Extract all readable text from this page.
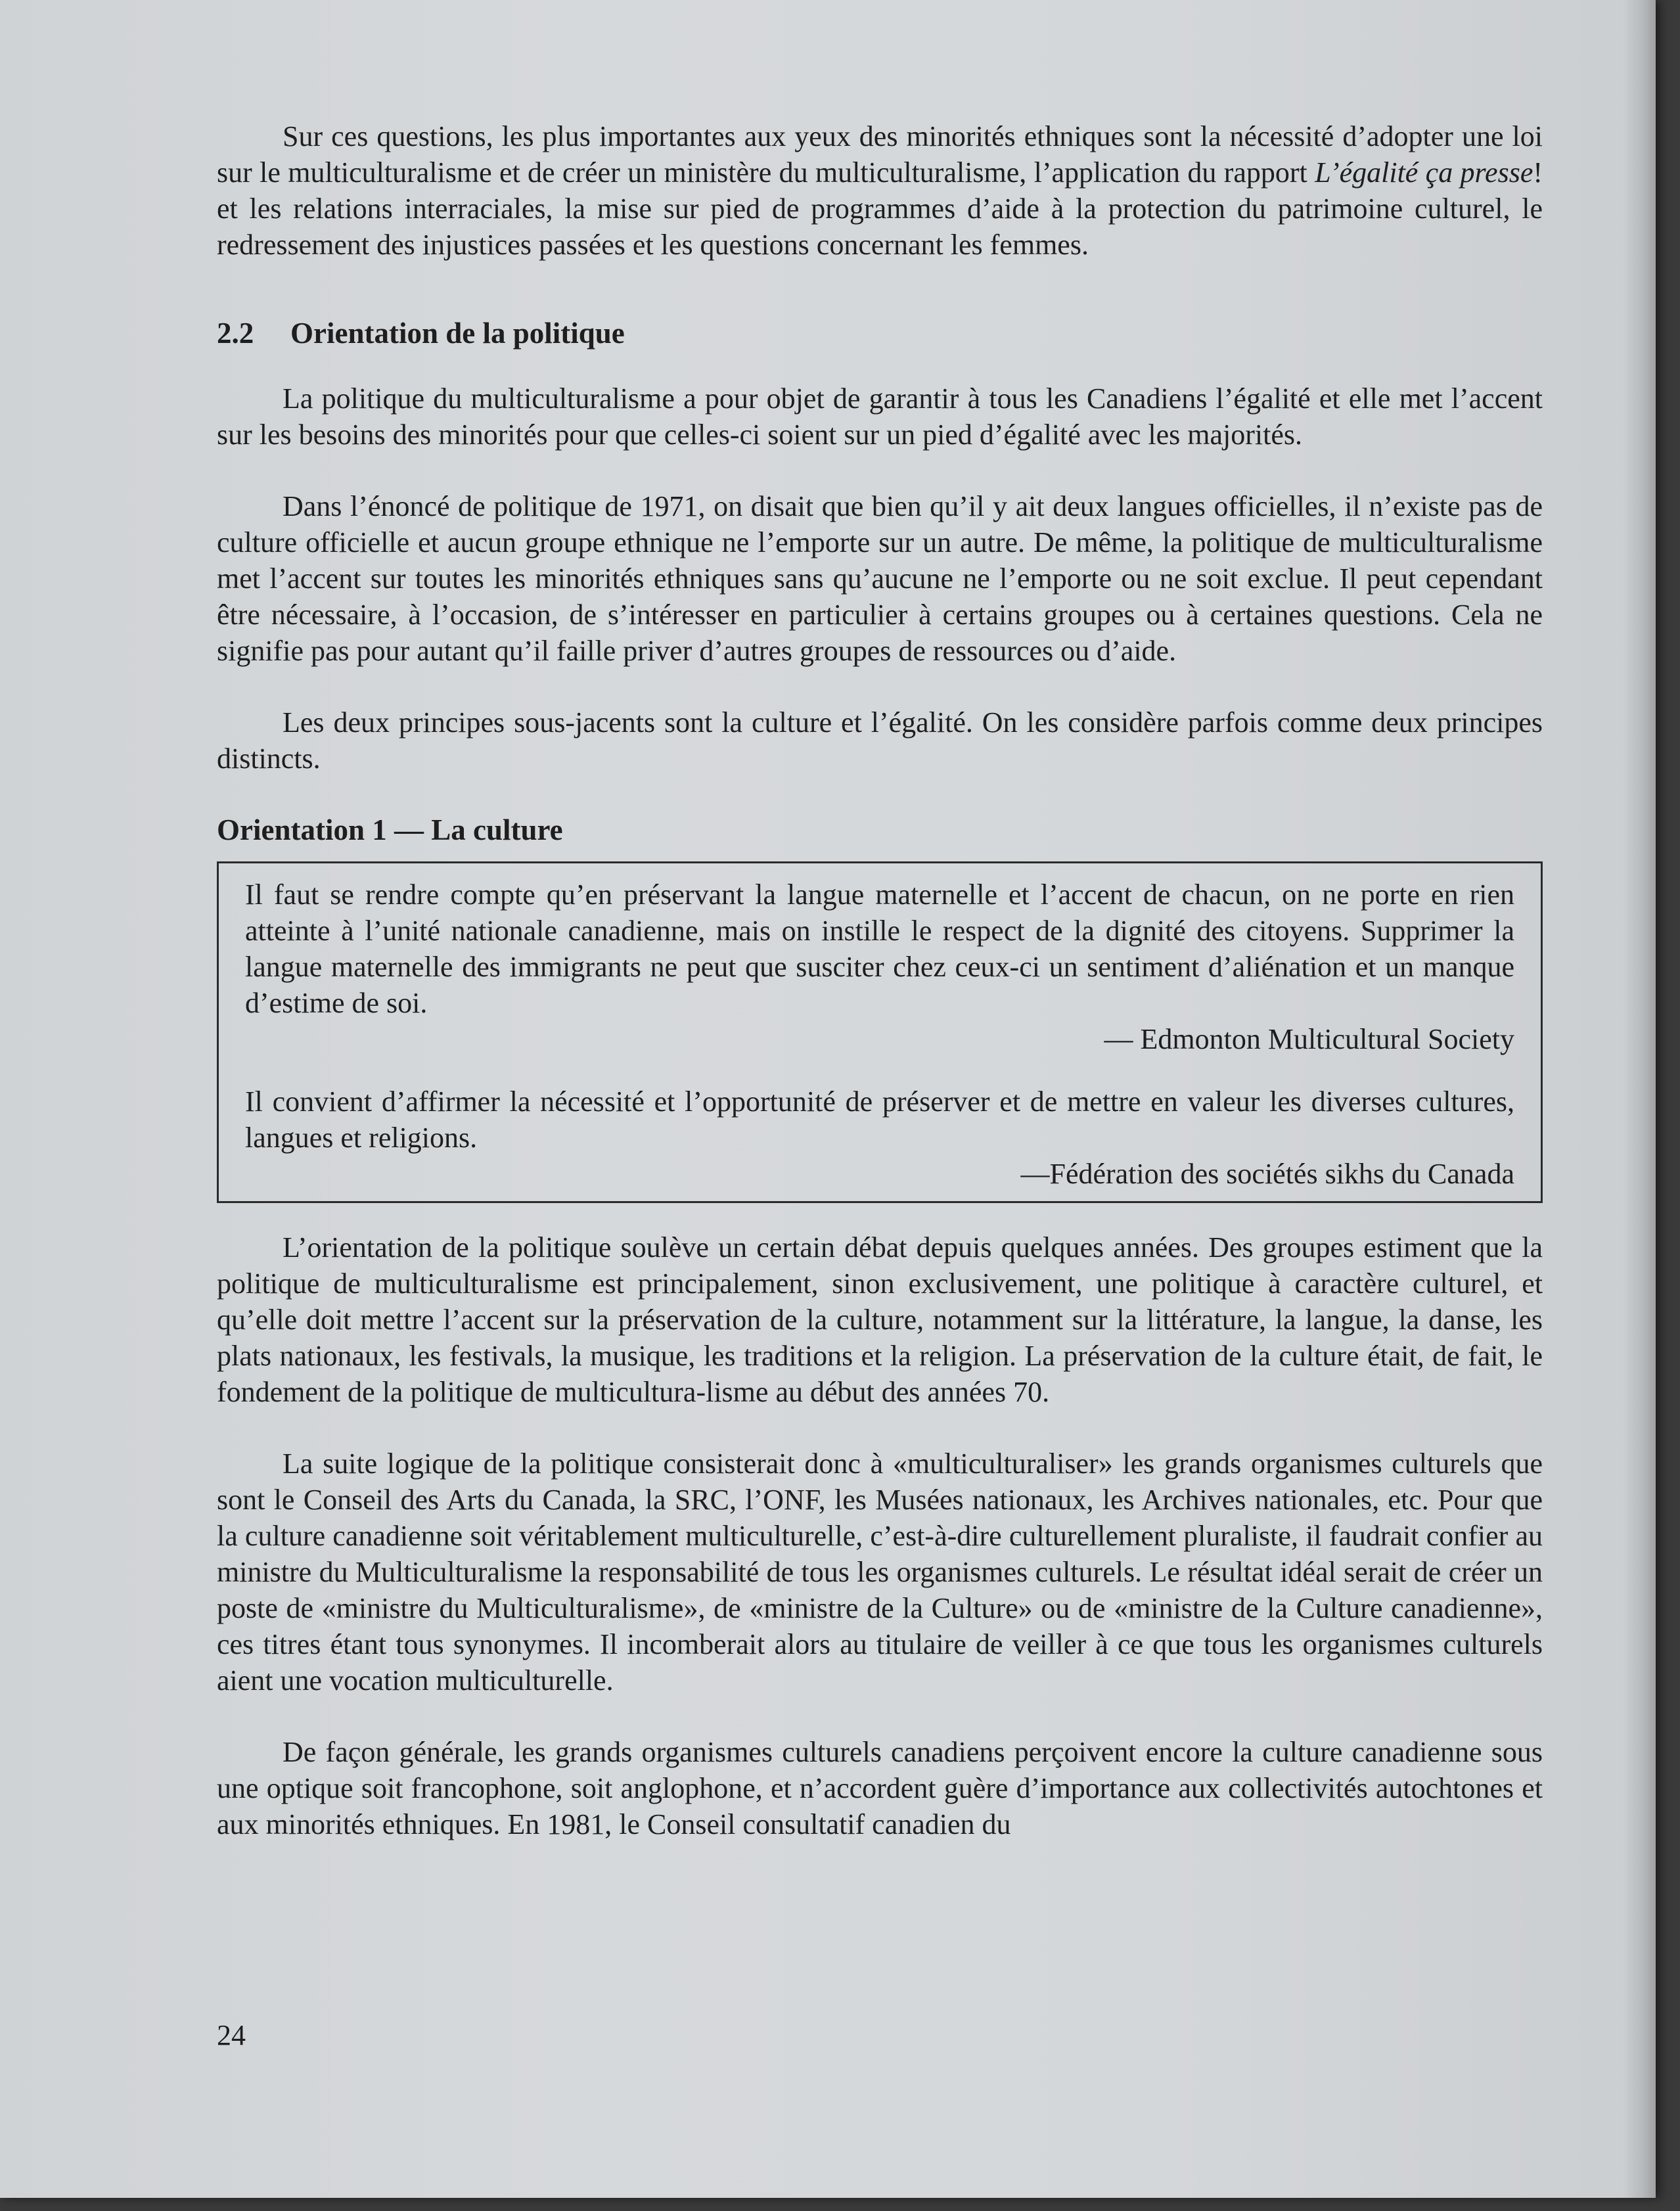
Sur ces questions, les plus importantes aux yeux des minorités ethniques sont la nécessité d’adopter une loi sur le multiculturalisme et de créer un ministère du multiculturalisme, l’application du rapport L’égalité ça presse! et les relations interraciales, la mise sur pied de programmes d’aide à la protection du patrimoine culturel, le redressement des injustices passées et les questions concernant les femmes.

2.2 Orientation de la politique

La politique du multiculturalisme a pour objet de garantir à tous les Canadiens l’égalité et elle met l’accent sur les besoins des minorités pour que celles-ci soient sur un pied d’égalité avec les majorités.

Dans l’énoncé de politique de 1971, on disait que bien qu’il y ait deux langues officielles, il n’existe pas de culture officielle et aucun groupe ethnique ne l’emporte sur un autre. De même, la politique de multiculturalisme met l’accent sur toutes les minorités ethniques sans qu’aucune ne l’emporte ou ne soit exclue. Il peut cependant être nécessaire, à l’occasion, de s’intéresser en particulier à certains groupes ou à certaines questions. Cela ne signifie pas pour autant qu’il faille priver d’autres groupes de ressources ou d’aide.

Les deux principes sous-jacents sont la culture et l’égalité. On les considère parfois comme deux principes distincts.

Orientation 1 — La culture

Il faut se rendre compte qu’en préservant la langue maternelle et l’accent de chacun, on ne porte en rien atteinte à l’unité nationale canadienne, mais on instille le respect de la dignité des citoyens. Supprimer la langue maternelle des immigrants ne peut que susciter chez ceux-ci un sentiment d’aliénation et un manque d’estime de soi.

— Edmonton Multicultural Society

Il convient d’affirmer la nécessité et l’opportunité de préserver et de mettre en valeur les diverses cultures, langues et religions.

—Fédération des sociétés sikhs du Canada

L’orientation de la politique soulève un certain débat depuis quelques années. Des groupes estiment que la politique de multiculturalisme est principalement, sinon exclusivement, une politique à caractère culturel, et qu’elle doit mettre l’accent sur la préservation de la culture, notamment sur la littérature, la langue, la danse, les plats nationaux, les festivals, la musique, les traditions et la religion. La préservation de la culture était, de fait, le fondement de la politique de multicultura-lisme au début des années 70.

La suite logique de la politique consisterait donc à «multiculturaliser» les grands organismes culturels que sont le Conseil des Arts du Canada, la SRC, l’ONF, les Musées nationaux, les Archives nationales, etc. Pour que la culture canadienne soit véritablement multiculturelle, c’est-à-dire culturellement pluraliste, il faudrait confier au ministre du Multiculturalisme la responsabilité de tous les organismes culturels. Le résultat idéal serait de créer un poste de «ministre du Multiculturalisme», de «ministre de la Culture» ou de «ministre de la Culture canadienne», ces titres étant tous synonymes. Il incomberait alors au titulaire de veiller à ce que tous les organismes culturels aient une vocation multiculturelle.

De façon générale, les grands organismes culturels canadiens perçoivent encore la culture canadienne sous une optique soit francophone, soit anglophone, et n’accordent guère d’importance aux collectivités autochtones et aux minorités ethniques. En 1981, le Conseil consultatif canadien du

24
